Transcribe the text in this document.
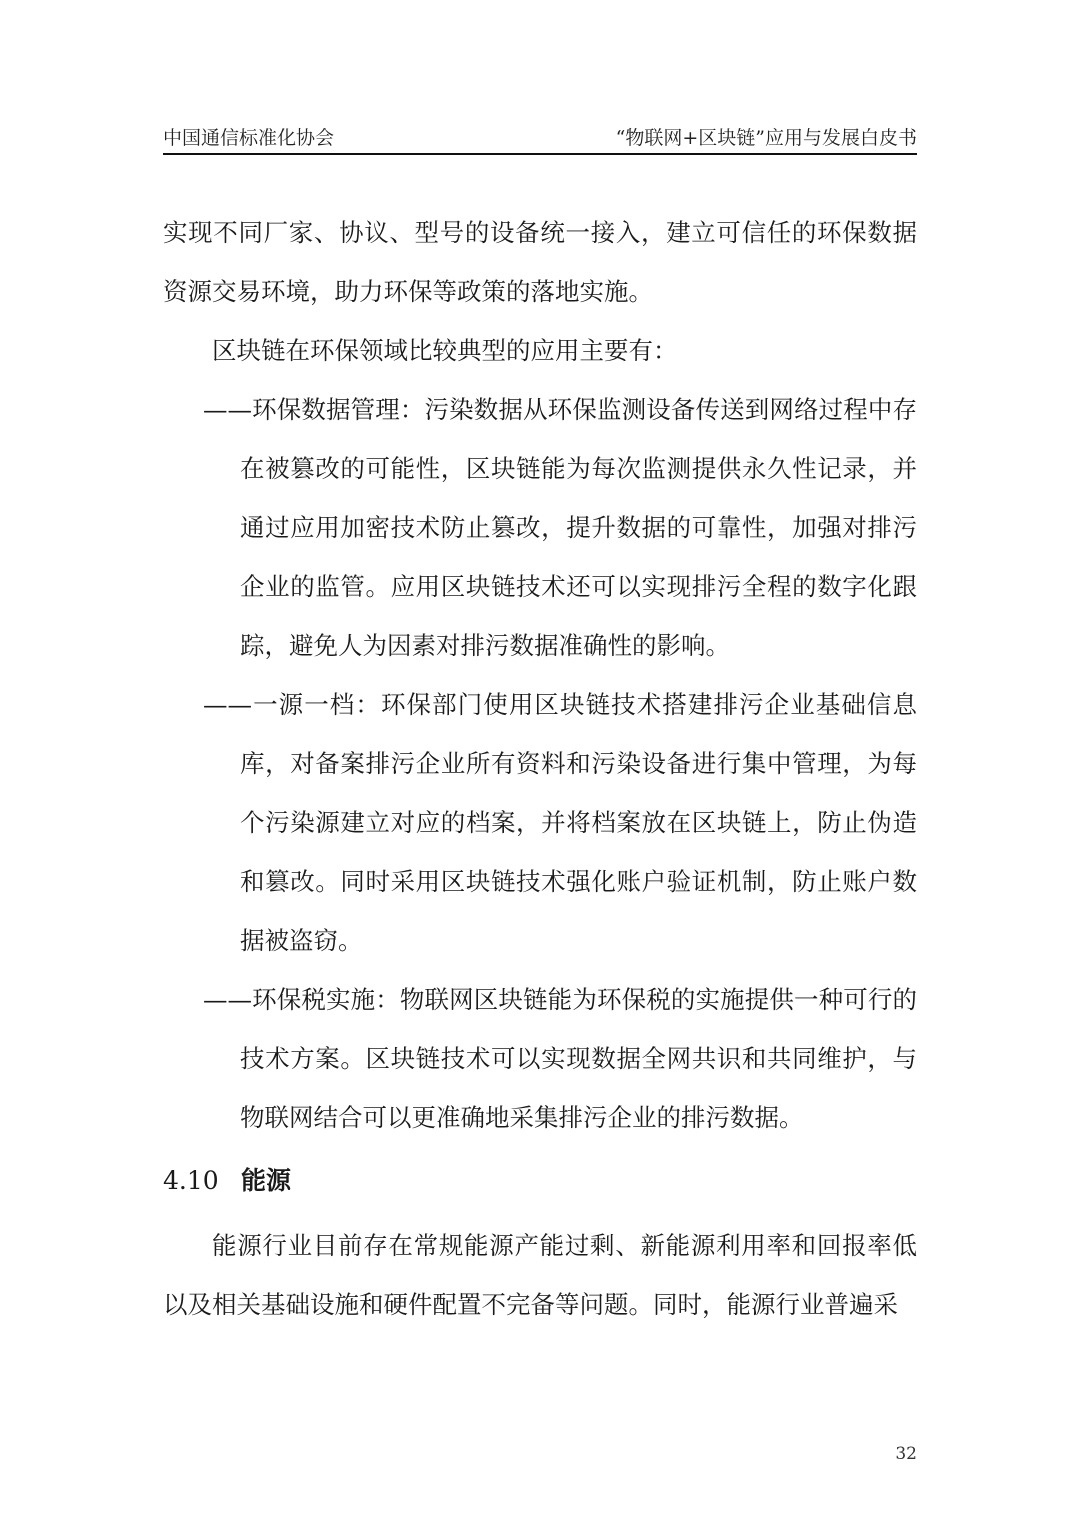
中国通信标准化协会	“物联网+区块链”应用与发展白皮书

实现不同厂家、协议、型号的设备统一接入，建立可信任的环保数据资源交易环境，助力环保等政策的落地实施。

区块链在环保领域比较典型的应用主要有：

——环保数据管理：污染数据从环保监测设备传送到网络过程中存在被篡改的可能性，区块链能为每次监测提供永久性记录，并通过应用加密技术防止篡改，提升数据的可靠性，加强对排污企业的监管。应用区块链技术还可以实现排污全程的数字化跟踪，避免人为因素对排污数据准确性的影响。

——一源一档：环保部门使用区块链技术搭建排污企业基础信息库，对备案排污企业所有资料和污染设备进行集中管理，为每个污染源建立对应的档案，并将档案放在区块链上，防止伪造和篡改。同时采用区块链技术强化账户验证机制，防止账户数据被盗窃。

——环保税实施：物联网区块链能为环保税的实施提供一种可行的技术方案。区块链技术可以实现数据全网共识和共同维护，与物联网结合可以更准确地采集排污企业的排污数据。

4.10 能源

能源行业目前存在常规能源产能过剩、新能源利用率和回报率低以及相关基础设施和硬件配置不完备等问题。同时，能源行业普遍采

32
